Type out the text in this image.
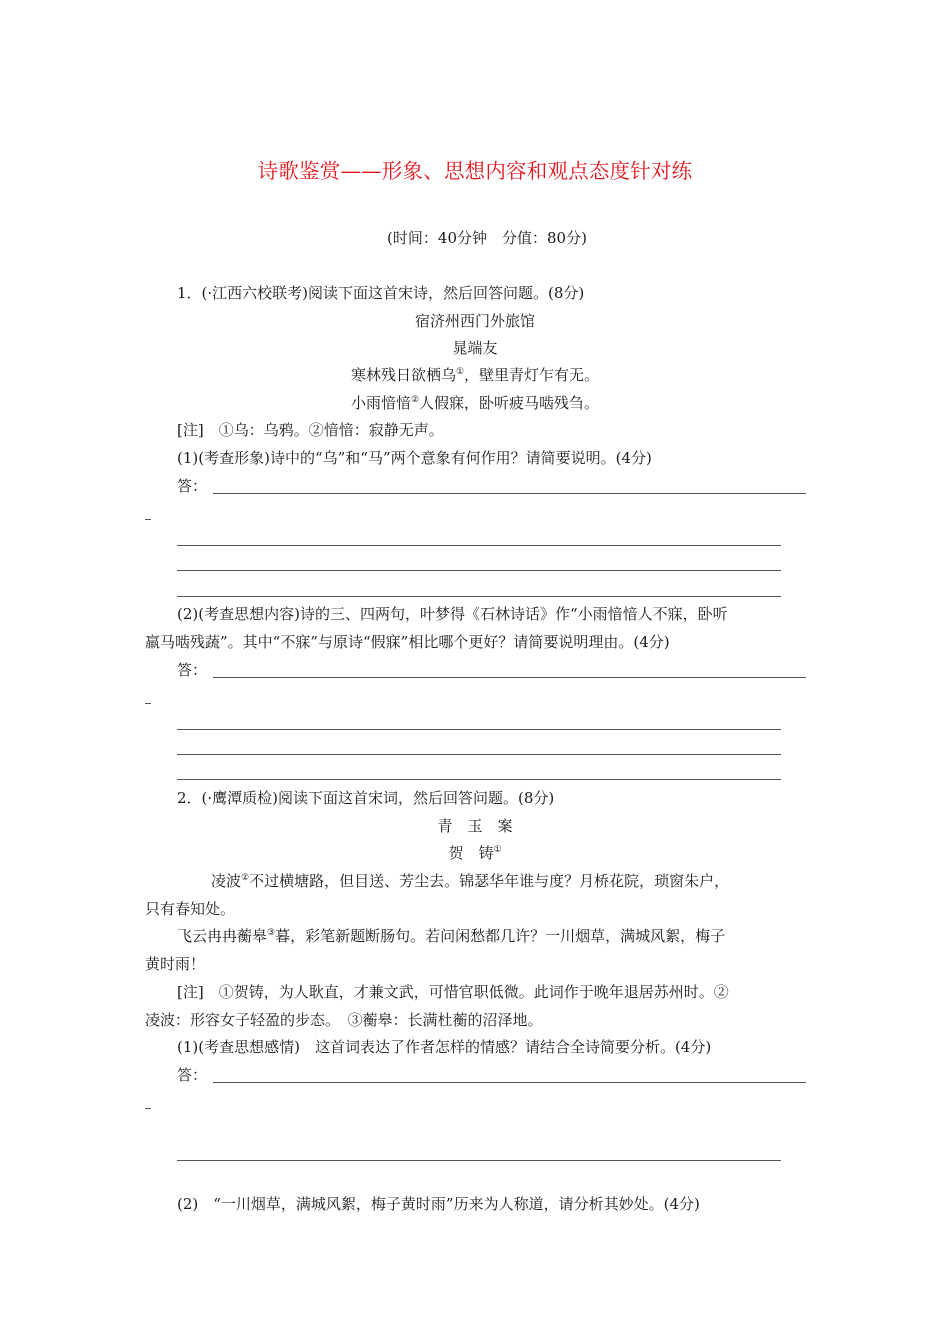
诗歌鉴赏——形象、思想内容和观点态度针对练
(时间：40分钟　分值：80分)
1．(·江西六校联考)阅读下面这首宋诗，然后回答问题。(8分)
宿济州西门外旅馆
晁端友
寒林残日欲栖乌①，壁里青灯乍有无。
小雨愔愔②人假寐，卧听疲马啮残刍。
[注]　①乌：乌鸦。②愔愔：寂静无声。
(1)(考查形象)诗中的“乌”和“马”两个意象有何作用？请简要说明。(4分)
答：
(2)(考查思想内容)诗的三、四两句，叶梦得《石林诗话》作“小雨愔愔人不寐，卧听
羸马啮残蔬”。其中“不寐”与原诗“假寐”相比哪个更好？请简要说明理由。(4分)
答：
2．(·鹰潭质检)阅读下面这首宋词，然后回答问题。(8分)
青　玉　案
贺　铸①
凌波②不过横塘路，但目送、芳尘去。锦瑟华年谁与度？月桥花院，琐窗朱户，
只有春知处。
飞云冉冉蘅皋③暮，彩笔新题断肠句。若问闲愁都几许？一川烟草，满城风絮，梅子
黄时雨！
[注]　①贺铸，为人耿直，才兼文武，可惜官职低微。此词作于晚年退居苏州时。②
凌波：形容女子轻盈的步态。　③蘅皋：长满杜蘅的沼泽地。
(1)(考查思想感情)　这首词表达了作者怎样的情感？请结合全诗简要分析。(4分)
答：
(2)　“一川烟草，满城风絮，梅子黄时雨”历来为人称道，请分析其妙处。(4分)
